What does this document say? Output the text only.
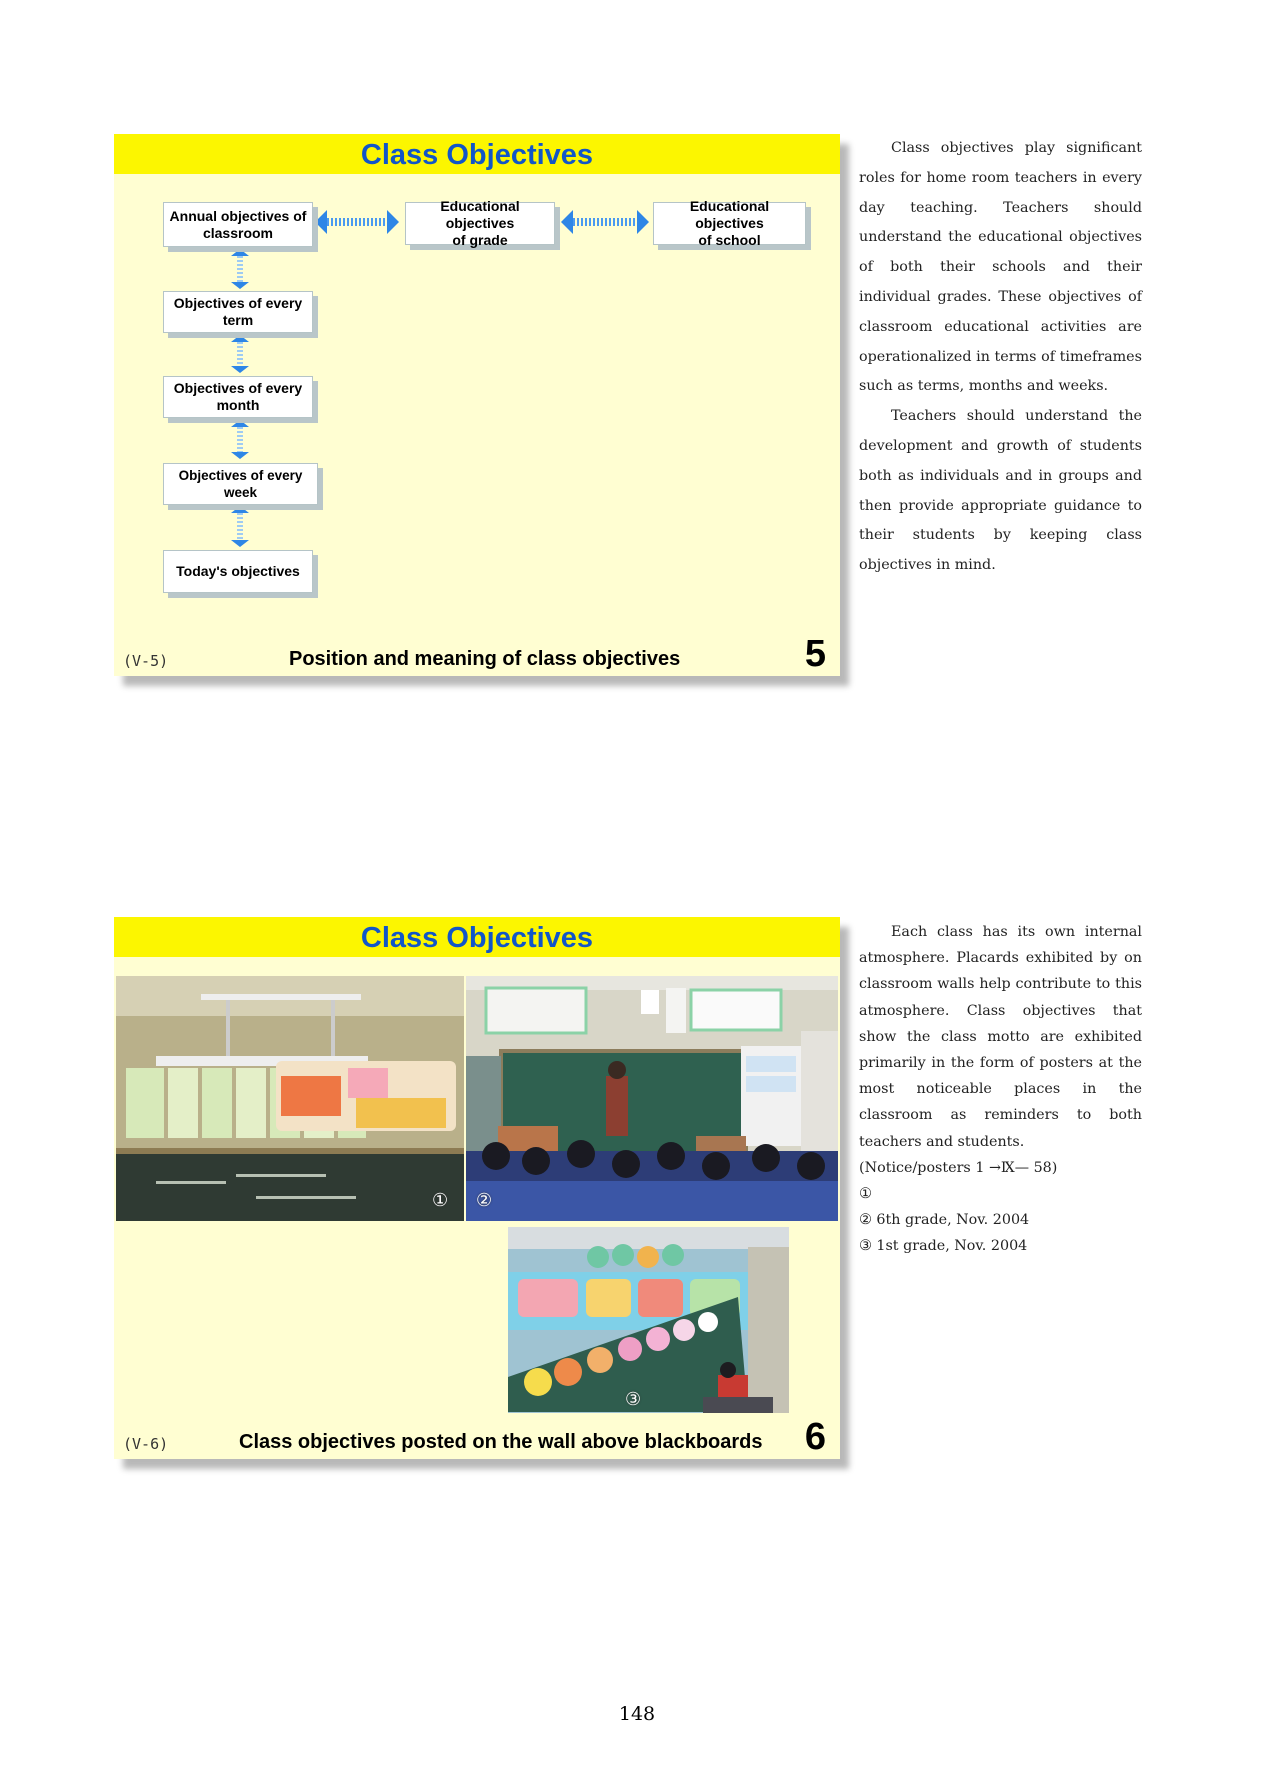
Class Objectives
Annual objectives of
classroom
Educational objectives
of grade
Educational objectives
of school
Objectives of every
term
Objectives of every
month
Objectives of every week
Today's objectives
(V-5)	Position and meaning of class objectives	5

Class objectives play significant roles for home room teachers in every day teaching. Teachers should understand the educational objectives of both their schools and their individual grades. These objectives of classroom educational activities are operationalized in terms of timeframes such as terms, months and weeks.

Teachers should understand the development and growth of students both as individuals and in groups and then provide appropriate guidance to their students by keeping class objectives in mind.

Class Objectives
① ②
③
(V-6)	Class objectives posted on the wall above blackboards 6

Each class has its own internal atmosphere. Placards exhibited by on classroom walls help contribute to this atmosphere. Class objectives that show the class motto are exhibited primarily in the form of posters at the most noticeable places in the classroom as reminders to both teachers and students.

(Notice/posters 1 →Ⅸ— 58)

①

② 6th grade, Nov. 2004

③ 1st grade, Nov. 2004

148
